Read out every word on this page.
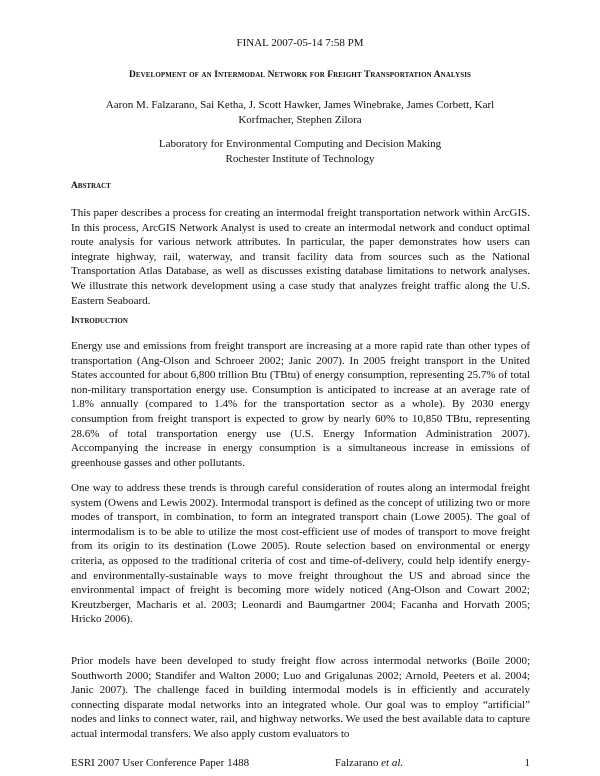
FINAL 2007-05-14 7:58 PM
Development of an Intermodal Network for Freight Transportation Analysis
Aaron M. Falzarano, Sai Ketha, J. Scott Hawker, James Winebrake, James Corbett, Karl Korfmacher, Stephen Zilora
Laboratory for Environmental Computing and Decision Making
Rochester Institute of Technology
Abstract

This paper describes a process for creating an intermodal freight transportation network within ArcGIS. In this process, ArcGIS Network Analyst is used to create an intermodal network and conduct optimal route analysis for various network attributes. In particular, the paper demonstrates how users can integrate highway, rail, waterway, and transit facility data from sources such as the National Transportation Atlas Database, as well as discusses existing database limitations to network analyses. We illustrate this network development using a case study that analyzes freight traffic along the U.S. Eastern Seaboard.

Introduction

Energy use and emissions from freight transport are increasing at a more rapid rate than other types of transportation (Ang-Olson and Schroeer 2002; Janic 2007). In 2005 freight transport in the United States accounted for about 6,800 trillion Btu (TBtu) of energy consumption, representing 25.7% of total non-military transportation energy use. Consumption is anticipated to increase at an average rate of 1.8% annually (compared to 1.4% for the transportation sector as a whole). By 2030 energy consumption from freight transport is expected to grow by nearly 60% to 10,850 TBtu, representing 28.6% of total transportation energy use (U.S. Energy Information Administration 2007). Accompanying the increase in energy consumption is a simultaneous increase in emissions of greenhouse gasses and other pollutants.

One way to address these trends is through careful consideration of routes along an intermodal freight system (Owens and Lewis 2002). Intermodal transport is defined as the concept of utilizing two or more modes of transport, in combination, to form an integrated transport chain (Lowe 2005). The goal of intermodalism is to be able to utilize the most cost-efficient use of modes of transport to move freight from its origin to its destination (Lowe 2005). Route selection based on environmental or energy criteria, as opposed to the traditional criteria of cost and time-of-delivery, could help identify energy- and environmentally-sustainable ways to move freight throughout the US and abroad since the environmental impact of freight is becoming more widely noticed (Ang-Olson and Cowart 2002; Kreutzberger, Macharis et al. 2003; Leonardi and Baumgartner 2004; Facanha and Horvath 2005; Hricko 2006).

Prior models have been developed to study freight flow across intermodal networks (Boile 2000; Southworth 2000; Standifer and Walton 2000; Luo and Grigalunas 2002; Arnold, Peeters et al. 2004; Janic 2007). The challenge faced in building intermodal models is in efficiently and accurately connecting disparate modal networks into an integrated whole. Our goal was to employ “artificial” nodes and links to connect water, rail, and highway networks. We used the best available data to capture actual intermodal transfers. We also apply custom evaluators to

ESRI 2007 User Conference Paper 1488	Falzarano et al.	1
